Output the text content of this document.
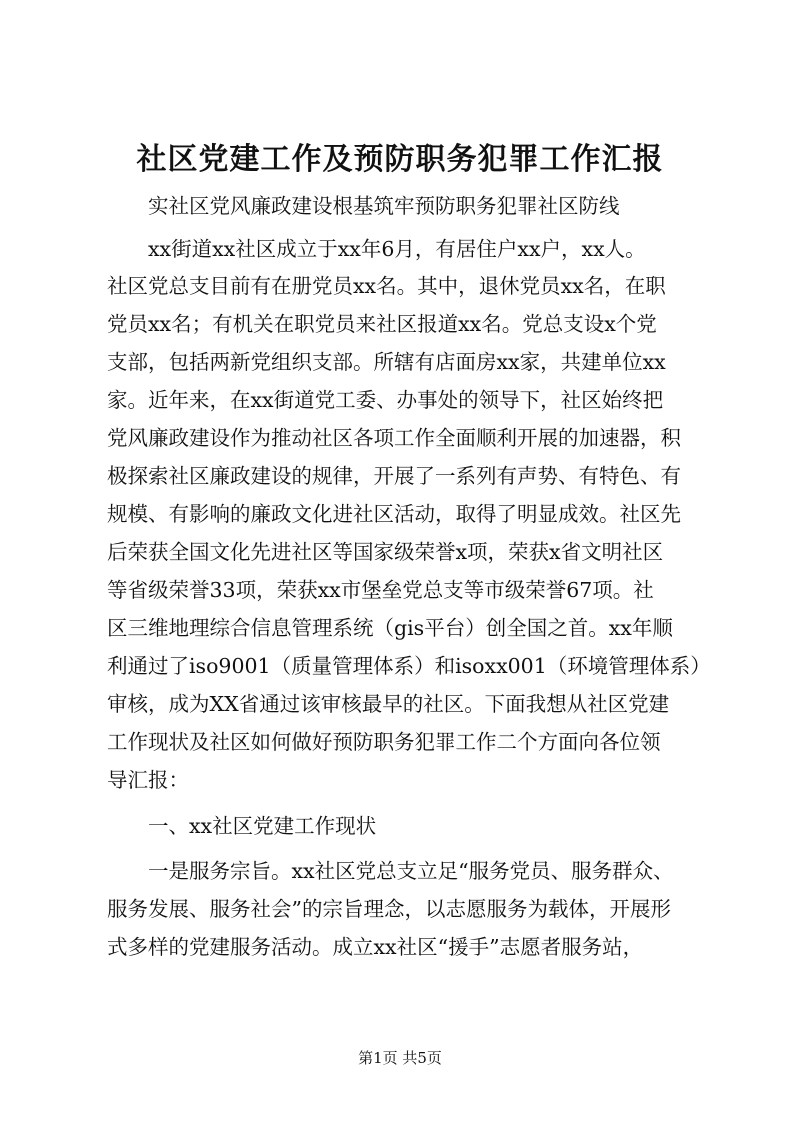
社区党建工作及预防职务犯罪工作汇报
实社区党风廉政建设根基筑牢预防职务犯罪社区防线
xx街道xx社区成立于xx年6月，有居住户xx户，xx人。
社区党总支目前有在册党员xx名。其中，退休党员xx名，在职
党员xx名；有机关在职党员来社区报道xx名。党总支设x个党
支部，包括两新党组织支部。所辖有店面房xx家，共建单位xx
家。近年来，在xx街道党工委、办事处的领导下，社区始终把
党风廉政建设作为推动社区各项工作全面顺利开展的加速器，积
极探索社区廉政建设的规律，开展了一系列有声势、有特色、有
规模、有影响的廉政文化进社区活动，取得了明显成效。社区先
后荣获全国文化先进社区等国家级荣誉x项，荣获x省文明社区
等省级荣誉33项，荣获xx市堡垒党总支等市级荣誉67项。社
区三维地理综合信息管理系统（gis平台）创全国之首。xx年顺
利通过了iso9001（质量管理体系）和isoxx001（环境管理体系）
审核，成为XX省通过该审核最早的社区。下面我想从社区党建
工作现状及社区如何做好预防职务犯罪工作二个方面向各位领
导汇报：
一、xx社区党建工作现状
一是服务宗旨。xx社区党总支立足“服务党员、服务群众、
服务发展、服务社会”的宗旨理念，以志愿服务为载体，开展形
式多样的党建服务活动。成立xx社区“援手”志愿者服务站，
第1页 共5页
